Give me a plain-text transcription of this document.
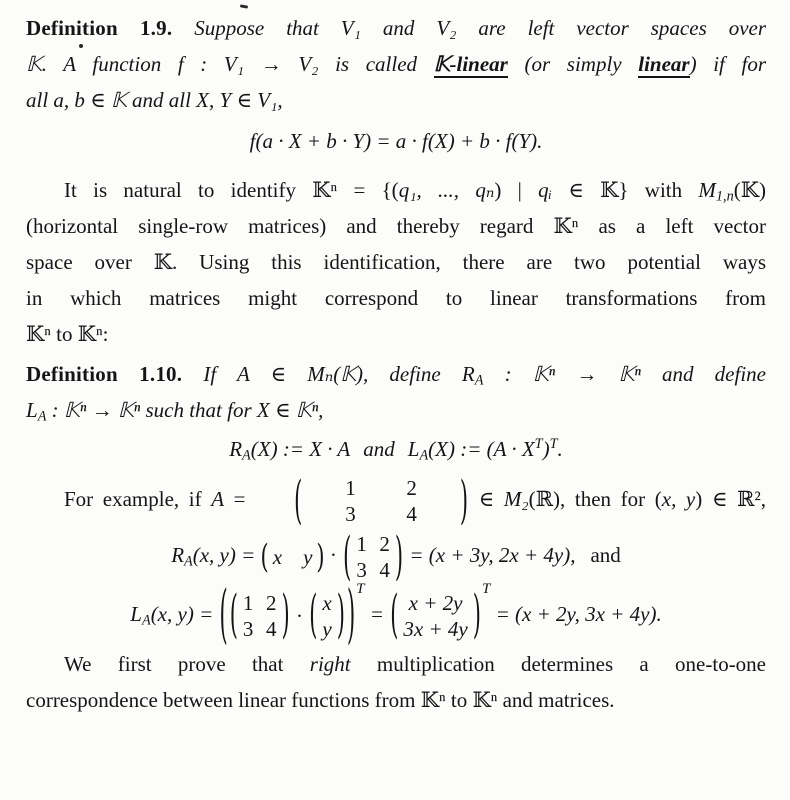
Definition 1.9. Suppose that V₁ and V₂ are left vector spaces over
𝕂. A function f : V₁ → V₂ is called 𝕂-linear (or simply linear) if for
all a, b ∈ 𝕂 and all X, Y ∈ V₁,
f(a · X + b · Y) = a · f(X) + b · f(Y).
It is natural to identify 𝕂ⁿ = {(q₁, ..., qₙ) | qᵢ ∈ 𝕂} with $M_{1,n}(𝕂)$
(horizontal single-row matrices) and thereby regard 𝕂ⁿ as a left vector
space over 𝕂. Using this identification, there are two potential ways
in which matrices might correspond to linear transformations from
𝕂ⁿ to 𝕂ⁿ:
Definition 1.10. If A ∈ Mₙ(𝕂), define $R_A$ : 𝕂ⁿ → 𝕂ⁿ and define
$L_A$ : 𝕂ⁿ → 𝕂ⁿ such that for X ∈ 𝕂ⁿ,
$R_A(X)$ := X · A and $L_A(X)$ := $(A \cdot X^T)^T$.
For example, if A =	(	1	2
3	4	) ∈ M₂(ℝ), then for (x, y) ∈ ℝ²,
$R_A(x$, y) = ( x y ) · ( 1 2
3 4 ) = (x + 3y, 2x + 4y), and
$L_A(x$, y) = ( ( 1 2
3 4 )
·
( x
y ) ) $^T$ = ( x + 2y
3x + 4y ) $^T$ = (x + 2y, 3x + 4y).
We first prove that right multiplication determines a one-to-one
correspondence between linear functions from 𝕂ⁿ to 𝕂ⁿ and matrices.
